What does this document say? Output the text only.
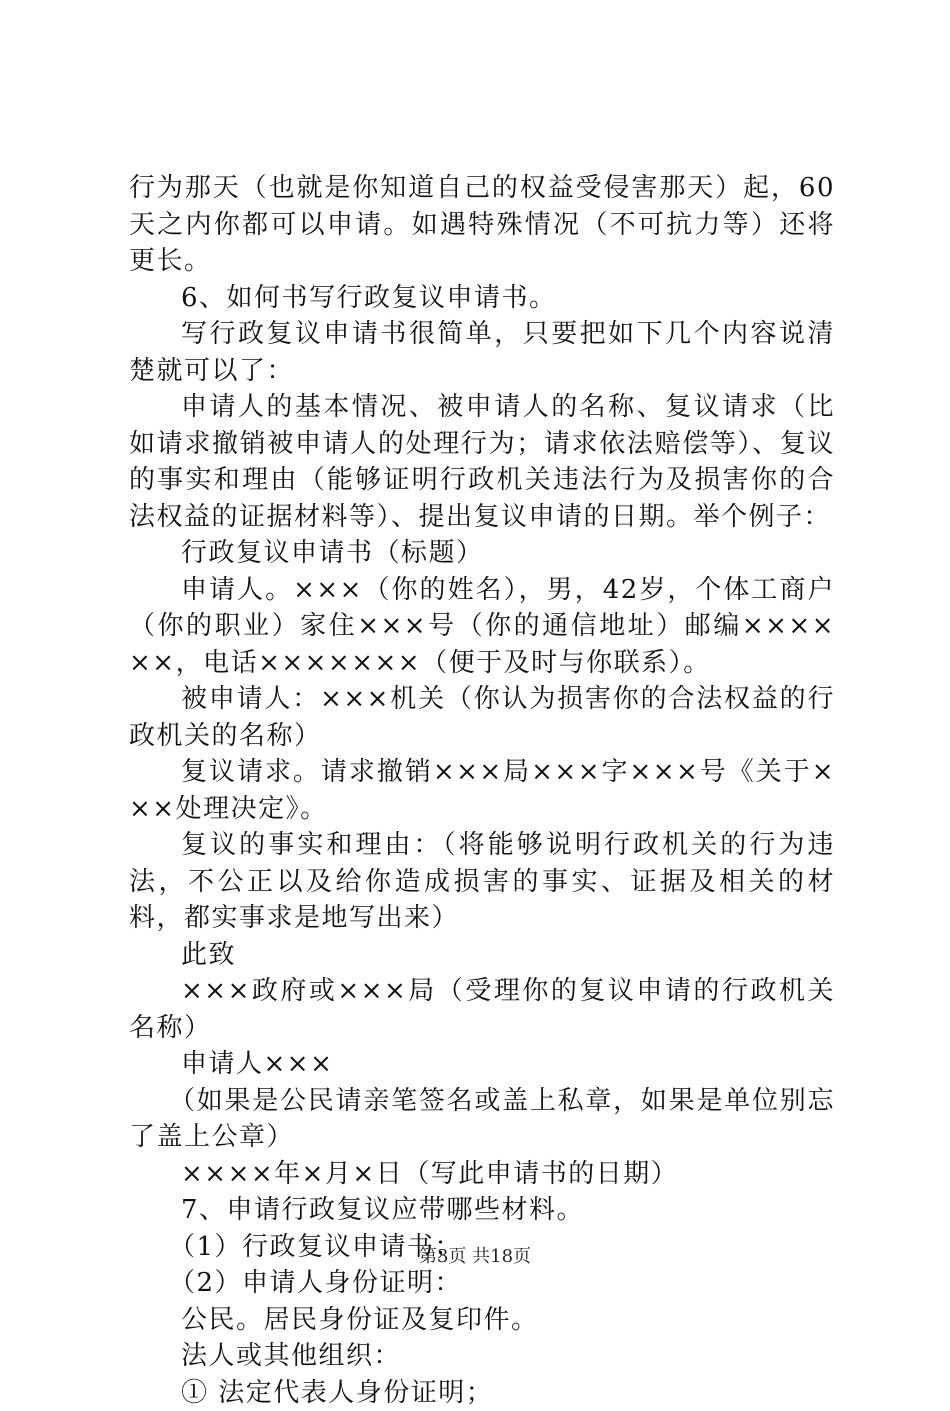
行为那天（也就是你知道自己的权益受侵害那天）起，60天之内你都可以申请。如遇特殊情况（不可抗力等）还将更长。

6、如何书写行政复议申请书。

写行政复议申请书很简单，只要把如下几个内容说清楚就可以了：

申请人的基本情况、被申请人的名称、复议请求（比如请求撤销被申请人的处理行为；请求依法赔偿等）、复议的事实和理由（能够证明行政机关违法行为及损害你的合法权益的证据材料等）、提出复议申请的日期。举个例子：

行政复议申请书（标题）

申请人。×××（你的姓名），男，42岁，个体工商户（你的职业）家住×××号（你的通信地址）邮编××××××，电话×××××××（便于及时与你联系）。

被申请人：×××机关（你认为损害你的合法权益的行政机关的名称）

复议请求。请求撤销×××局×××字×××号《关于×××处理决定》。

复议的事实和理由：（将能够说明行政机关的行为违法，不公正以及给你造成损害的事实、证据及相关的材料，都实事求是地写出来）

此致

×××政府或×××局（受理你的复议申请的行政机关名称）

申请人×××

（如果是公民请亲笔签名或盖上私章，如果是单位别忘了盖上公章）

××××年×月×日（写此申请书的日期）

7、申请行政复议应带哪些材料。

（1）行政复议申请书；

（2）申请人身份证明：

公民。居民身份证及复印件。

法人或其他组织：

① 法定代表人身份证明；

第3页 共18页
